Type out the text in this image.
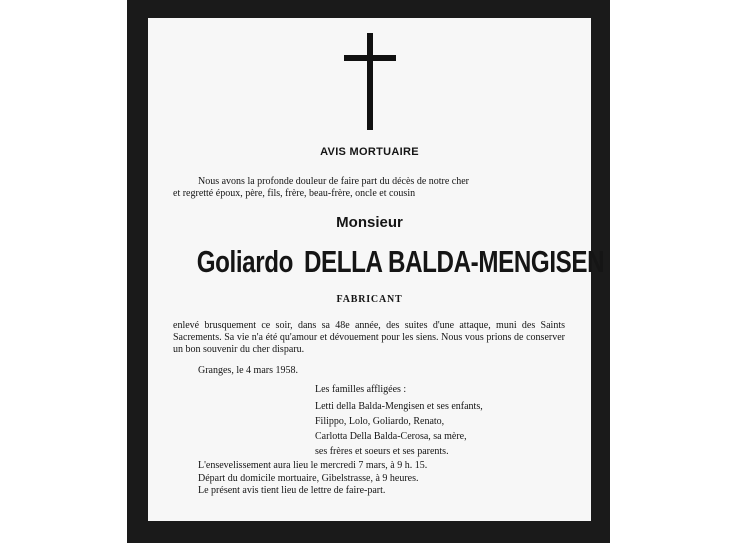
AVIS MORTUAIRE
Nous avons la profonde douleur de faire part du décès de notre cher
et regretté époux, père, fils, frère, beau-frère, oncle et cousin
Monsieur
Goliardo DELLA BALDA-MENGISEN
FABRICANT
enlevé brusquement ce soir, dans sa 48e année, des suites d'une attaque, muni des Saints Sacrements. Sa vie n'a été qu'amour et dévouement pour les siens. Nous vous prions de conserver un bon souvenir du cher disparu.
Granges, le 4 mars 1958.
Les familles affligées :
Letti della Balda-Mengisen et ses enfants,
Filippo, Lolo, Goliardo, Renato,
Carlotta Della Balda-Cerosa, sa mère,
ses frères et soeurs et ses parents.
L'ensevelissement aura lieu le mercredi 7 mars, à 9 h. 15.
Départ du domicile mortuaire, Gibelstrasse, à 9 heures.
Le présent avis tient lieu de lettre de faire-part.
